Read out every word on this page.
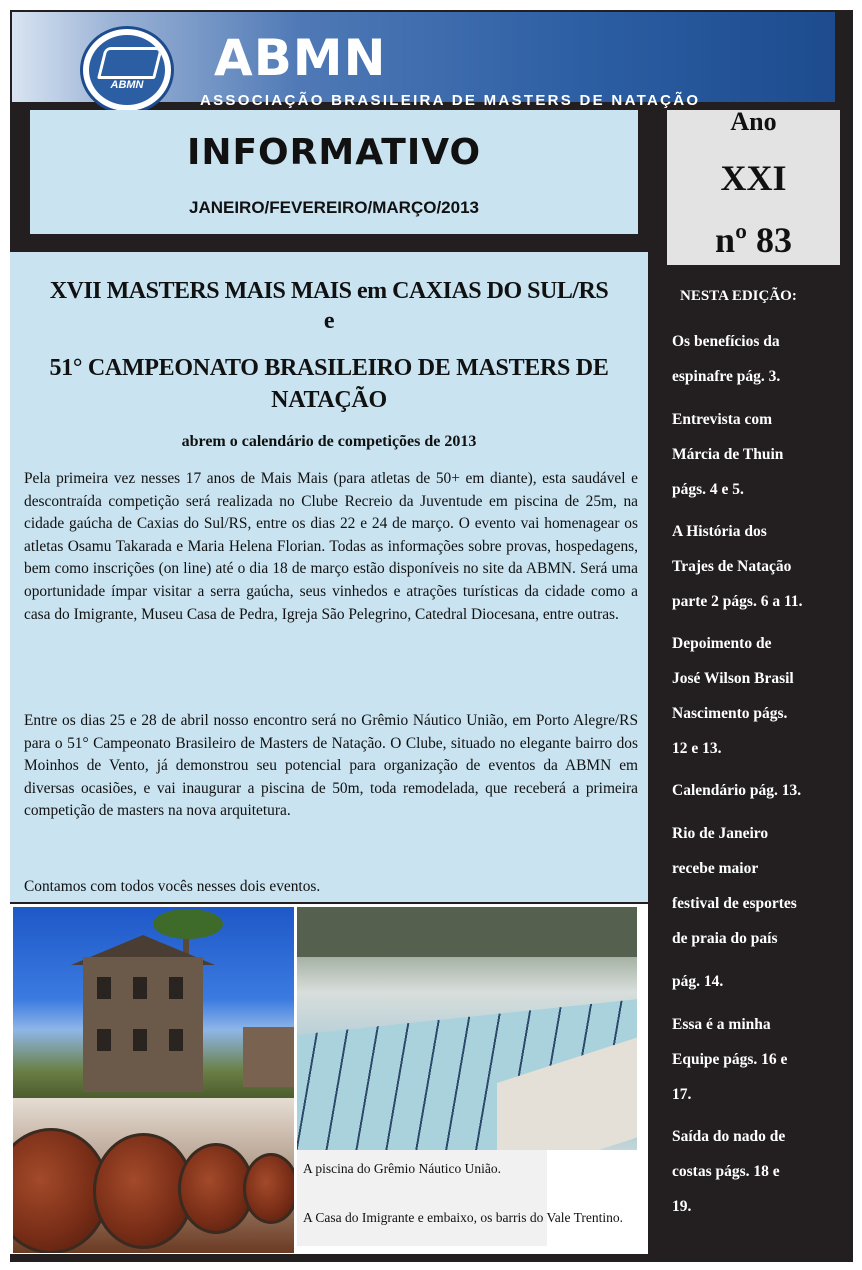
ABMN	ABMN
ASSOCIAÇÃO BRASILEIRA DE MASTERS DE NATAÇÃO
INFORMATIVO
JANEIRO/FEVEREIRO/MARÇO/2013
Ano
XXI
nº 83
NESTA EDIÇÃO:
Os benefícios da
espinafre pág. 3.
Entrevista com
Márcia de Thuin
págs. 4 e 5.
A História dos
Trajes de Natação
parte 2 págs. 6 a 11.
Depoimento de
José Wilson Brasil
Nascimento págs.
12 e 13.
Calendário pág. 13.
Rio de Janeiro
recebe maior
festival de esportes
de praia do país
pág. 14.
Essa é a minha
Equipe págs. 16 e
17.
Saída do nado de
costas págs. 18 e
19.
XVII MASTERS MAIS MAIS em CAXIAS DO SUL/RS
e
51° CAMPEONATO BRASILEIRO DE MASTERS DE
NATAÇÃO
abrem o calendário de competições de 2013
Pela primeira vez nesses 17 anos de Mais Mais (para atletas de 50+ em diante), esta saudável e descontraída competição será realizada no Clube Recreio da Juventude em piscina de 25m, na cidade gaúcha de Caxias do Sul/RS, entre os dias 22 e 24 de março. O evento vai homenagear os atletas Osamu Takarada e Maria Helena Florian. Todas as informações sobre provas, hospedagens, bem como inscrições (on line) até o dia 18 de março estão disponíveis no site da ABMN. Será uma oportunidade ímpar visitar a serra gaúcha, seus vinhedos e atrações turísticas da cidade como a casa do Imigrante, Museu Casa de Pedra, Igreja São Pelegrino, Catedral Diocesana, entre outras.
Entre os dias 25 e 28 de abril nosso encontro será no Grêmio Náutico União, em Porto Alegre/RS para o 51° Campeonato Brasileiro de Masters de Natação. O Clube, situado no elegante bairro dos Moinhos de Vento, já demonstrou seu potencial para organização de eventos da ABMN em diversas ocasiões, e vai inaugurar a piscina de 50m, toda remodelada, que receberá a primeira competição de masters na nova arquitetura.
Contamos com todos vocês nesses dois eventos.
A piscina do Grêmio Náutico União.
A Casa do Imigrante e embaixo, os barris do Vale Trentino.
